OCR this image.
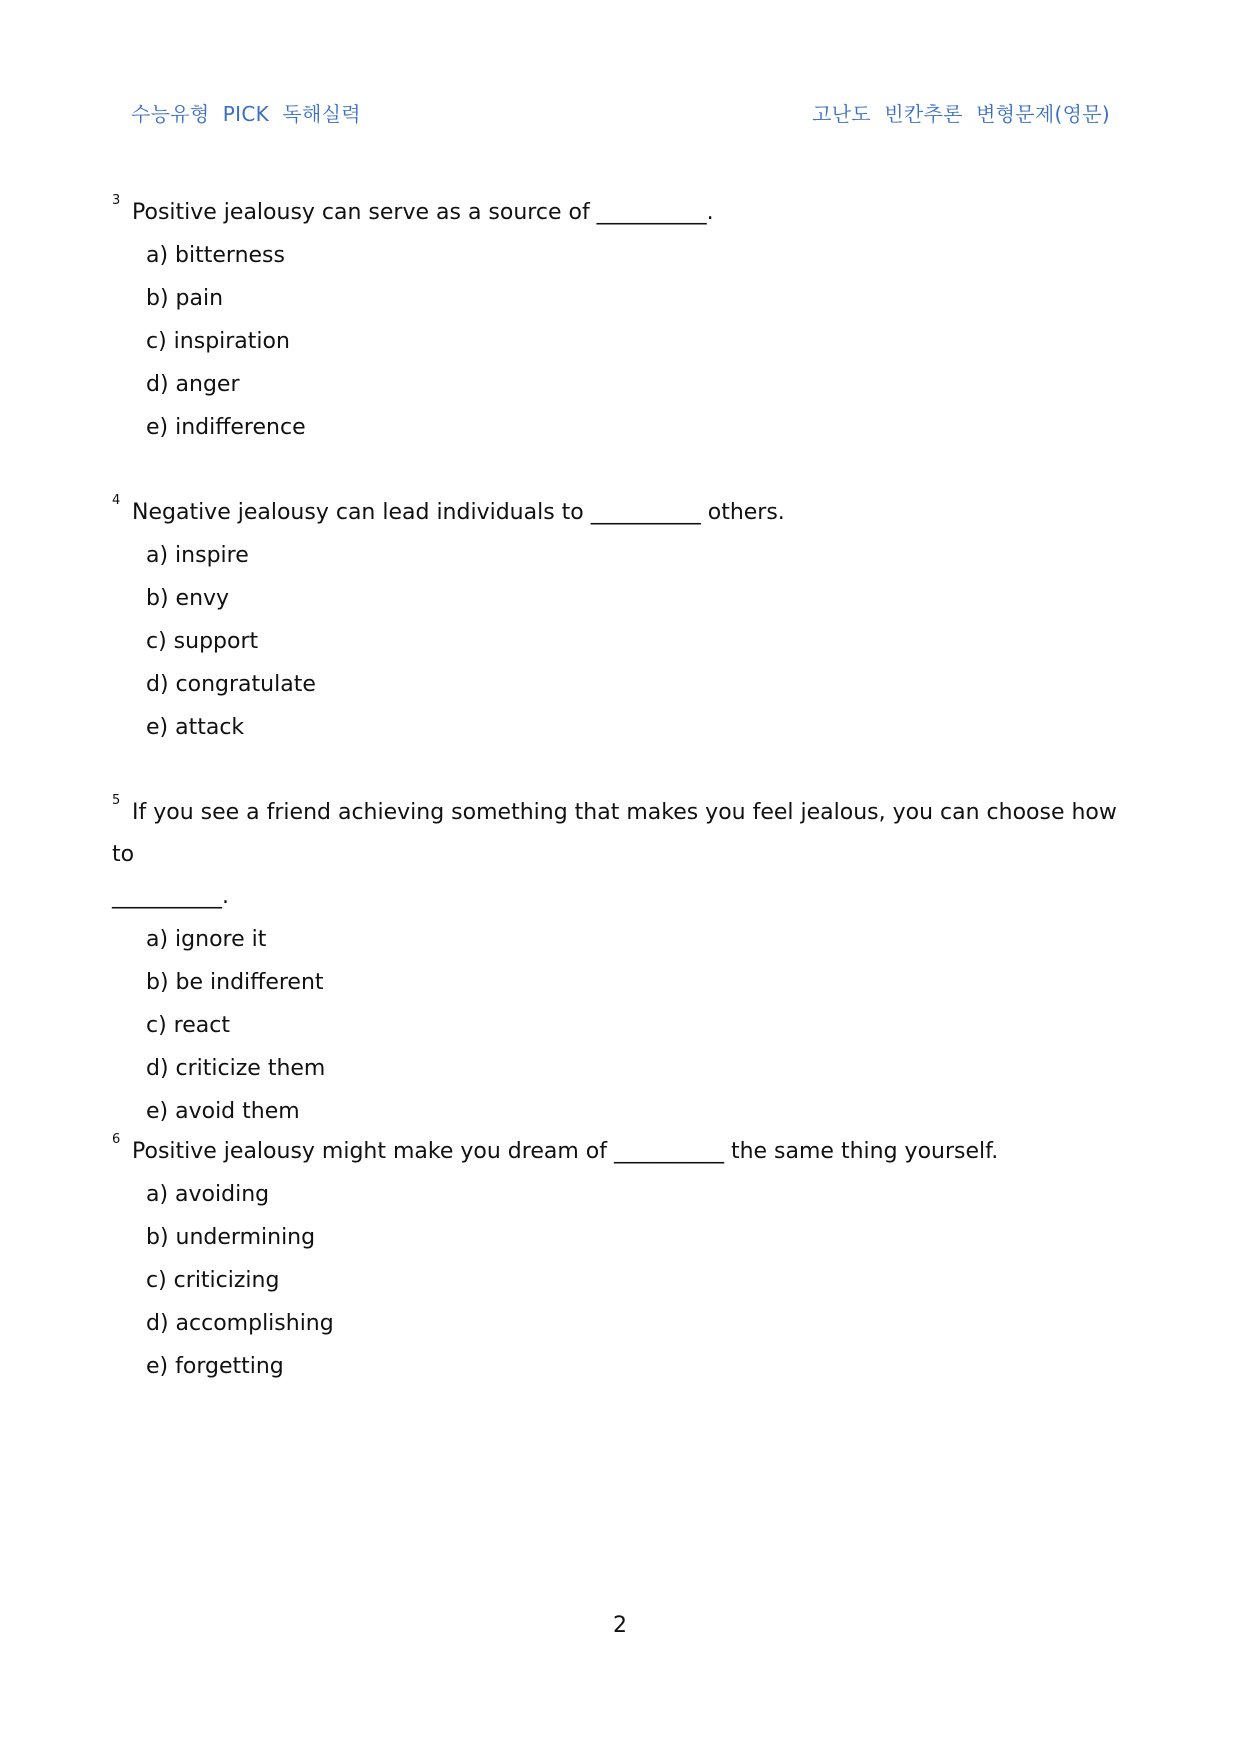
수능유형  PICK  독해실력	고난도  빈칸추론  변형문제(영문)
3 Positive jealousy can serve as a source of __________.
a) bitterness
b) pain
c) inspiration
d) anger
e) indifference
4 Negative jealousy can lead individuals to __________ others.
a) inspire
b) envy
c) support
d) congratulate
e) attack
5 If you see a friend achieving something that makes you feel jealous, you can choose how to
__________.
a) ignore it
b) be indifferent
c) react
d) criticize them
e) avoid them
6 Positive jealousy might make you dream of __________ the same thing yourself.
a) avoiding
b) undermining
c) criticizing
d) accomplishing
e) forgetting
2
